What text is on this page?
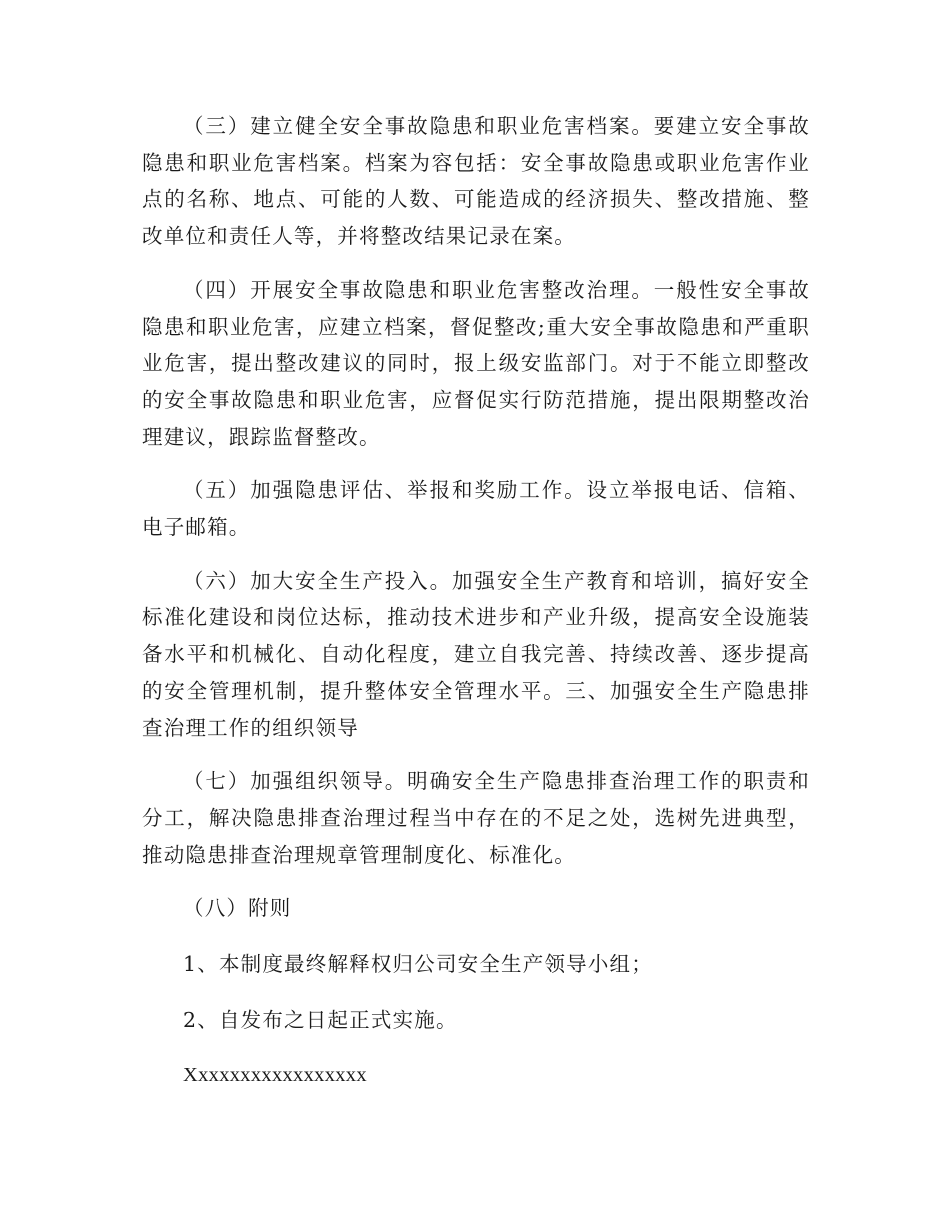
（三）建立健全安全事故隐患和职业危害档案。要建立安全事故隐患和职业危害档案。档案为容包括：安全事故隐患或职业危害作业点的名称、地点、可能的人数、可能造成的经济损失、整改措施、整改单位和责任人等，并将整改结果记录在案。

（四）开展安全事故隐患和职业危害整改治理。一般性安全事故隐患和职业危害，应建立档案，督促整改;重大安全事故隐患和严重职业危害，提出整改建议的同时，报上级安监部门。对于不能立即整改的安全事故隐患和职业危害，应督促实行防范措施，提出限期整改治理建议，跟踪监督整改。

（五）加强隐患评估、举报和奖励工作。设立举报电话、信箱、电子邮箱。

（六）加大安全生产投入。加强安全生产教育和培训，搞好安全标准化建设和岗位达标，推动技术进步和产业升级，提高安全设施装备水平和机械化、自动化程度，建立自我完善、持续改善、逐步提高的安全管理机制，提升整体安全管理水平。三、加强安全生产隐患排查治理工作的组织领导

（七）加强组织领导。明确安全生产隐患排查治理工作的职责和分工，解决隐患排查治理过程当中存在的不足之处，选树先进典型，推动隐患排查治理规章管理制度化、标准化。

（八）附则

1、本制度最终解释权归公司安全生产领导小组；

2、自发布之日起正式实施。

Xxxxxxxxxxxxxxxxx
